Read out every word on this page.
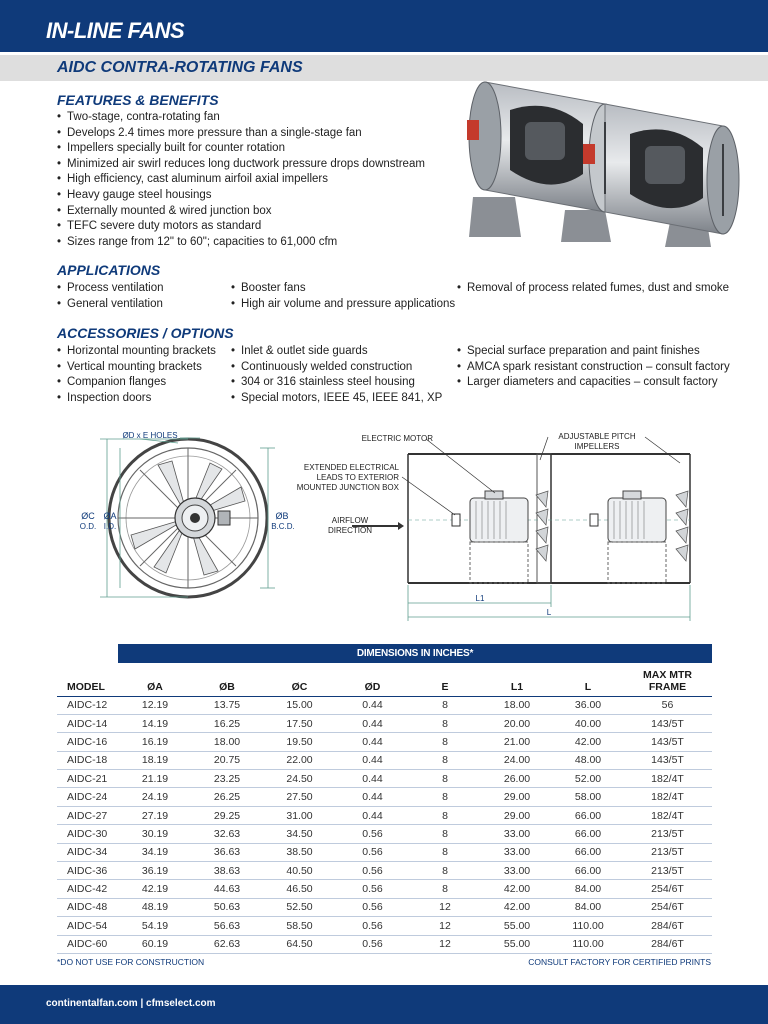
IN-LINE FANS
AIDC CONTRA-ROTATING FANS
FEATURES & BENEFITS
• Two-stage, contra-rotating fan
• Develops 2.4 times more pressure than a single-stage fan
• Impellers specially built for counter rotation
• Minimized air swirl reduces long ductwork pressure drops downstream
• High efficiency, cast aluminum airfoil axial impellers
• Heavy gauge steel housings
• Externally mounted & wired junction box
• TEFC severe duty motors as standard
• Sizes range from 12" to 60"; capacities to 61,000 cfm
APPLICATIONS
• Process ventilation
• General ventilation
• Booster fans
• High air volume and pressure applications
• Removal of process related fumes, dust and smoke
ACCESSORIES / OPTIONS
• Horizontal mounting brackets
• Vertical mounting brackets
• Companion flanges
• Inspection doors
• Inlet & outlet side guards
• Continuously welded construction
• 304 or 316 stainless steel housing
• Special motors, IEEE 45, IEEE 841, XP
• Special surface preparation and paint finishes
• AMCA spark resistant construction – consult factory
• Larger diameters and capacities – consult factory
ØD x E HOLES
ØC
O.D.
ØA
I.D.
ØB
B.C.D.
ELECTRIC MOTOR	ADJUSTABLE PITCH
IMPELLERS
EXTENDED ELECTRICAL
LEADS TO EXTERIOR
MOUNTED JUNCTION BOX
AIRFLOW
DIRECTION
L1
L
DIMENSIONS IN INCHES*
MODEL	ØA	ØB	ØC	ØD	E	L1	L	MAX MTR FRAME
AIDC-12	12.19	13.75	15.00	0.44	8	18.00	36.00	56
AIDC-14	14.19	16.25	17.50	0.44	8	20.00	40.00	143/5T
AIDC-16	16.19	18.00	19.50	0.44	8	21.00	42.00	143/5T
AIDC-18	18.19	20.75	22.00	0.44	8	24.00	48.00	143/5T
AIDC-21	21.19	23.25	24.50	0.44	8	26.00	52.00	182/4T
AIDC-24	24.19	26.25	27.50	0.44	8	29.00	58.00	182/4T
AIDC-27	27.19	29.25	31.00	0.44	8	29.00	66.00	182/4T
AIDC-30	30.19	32.63	34.50	0.56	8	33.00	66.00	213/5T
AIDC-34	34.19	36.63	38.50	0.56	8	33.00	66.00	213/5T
AIDC-36	36.19	38.63	40.50	0.56	8	33.00	66.00	213/5T
AIDC-42	42.19	44.63	46.50	0.56	8	42.00	84.00	254/6T
AIDC-48	48.19	50.63	52.50	0.56	12	42.00	84.00	254/6T
AIDC-54	54.19	56.63	58.50	0.56	12	55.00	110.00	284/6T
AIDC-60	60.19	62.63	64.50	0.56	12	55.00	110.00	284/6T
*DO NOT USE FOR CONSTRUCTION	CONSULT FACTORY FOR CERTIFIED PRINTS
continentalfan.com | cfmselect.com
